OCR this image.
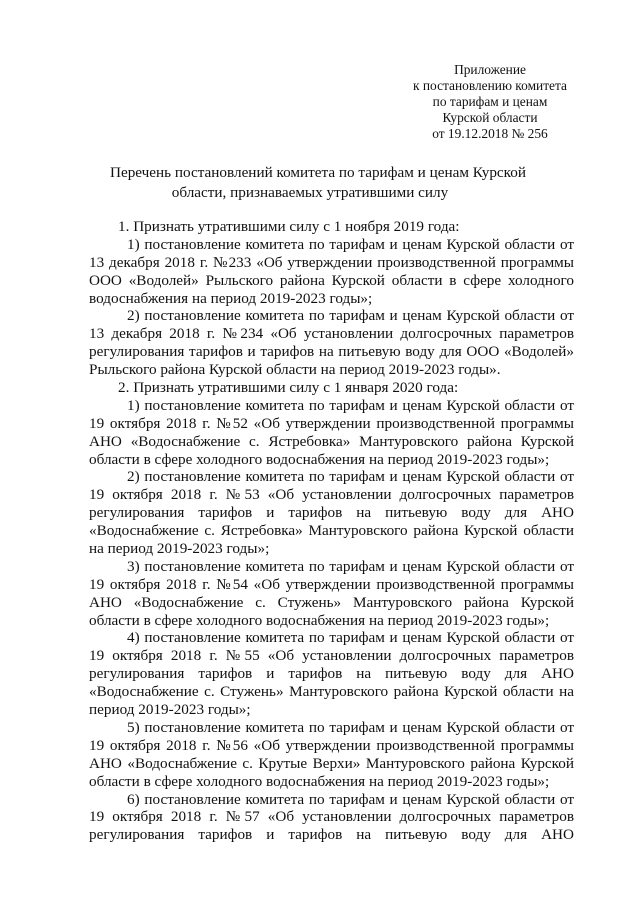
Приложение
к постановлению комитета
по тарифам и ценам
Курской области
от 19.12.2018 № 256
Перечень постановлений комитета по тарифам и ценам Курской
области, признаваемых утратившими силу
1. Признать утратившими силу с 1 ноября 2019 года:
1) постановление комитета по тарифам и ценам Курской области от
13 декабря 2018 г. №233 «Об утверждении производственной программы
ООО «Водолей» Рыльского района Курской области в сфере холодного
водоснабжения на период 2019-2023 годы»;
2) постановление комитета по тарифам и ценам Курской области от
13 декабря 2018 г. №234 «Об установлении долгосрочных параметров
регулирования тарифов и тарифов на питьевую воду для ООО «Водолей»
Рыльского района Курской области на период 2019-2023 годы».
2. Признать утратившими силу с 1 января 2020 года:
1) постановление комитета по тарифам и ценам Курской области от
19 октября 2018 г. №52 «Об утверждении производственной программы
АНО «Водоснабжение с. Ястребовка» Мантуровского района Курской
области в сфере холодного водоснабжения на период 2019-2023 годы»;
2) постановление комитета по тарифам и ценам Курской области от
19 октября 2018 г. №53 «Об установлении долгосрочных параметров
регулирования тарифов и тарифов на питьевую воду для АНО
«Водоснабжение с. Ястребовка» Мантуровского района Курской области
на период 2019-2023 годы»;
3) постановление комитета по тарифам и ценам Курской области от
19 октября 2018 г. №54 «Об утверждении производственной программы
АНО «Водоснабжение с. Стужень» Мантуровского района Курской
области в сфере холодного водоснабжения на период 2019-2023 годы»;
4) постановление комитета по тарифам и ценам Курской области от
19 октября 2018 г. №55 «Об установлении долгосрочных параметров
регулирования тарифов и тарифов на питьевую воду для АНО
«Водоснабжение с. Стужень» Мантуровского района Курской области на
период 2019-2023 годы»;
5) постановление комитета по тарифам и ценам Курской области от
19 октября 2018 г. №56 «Об утверждении производственной программы
АНО «Водоснабжение с. Крутые Верхи» Мантуровского района Курской
области в сфере холодного водоснабжения на период 2019-2023 годы»;
6) постановление комитета по тарифам и ценам Курской области от
19 октября 2018 г. №57 «Об установлении долгосрочных параметров
регулирования тарифов и тарифов на питьевую воду для АНО
